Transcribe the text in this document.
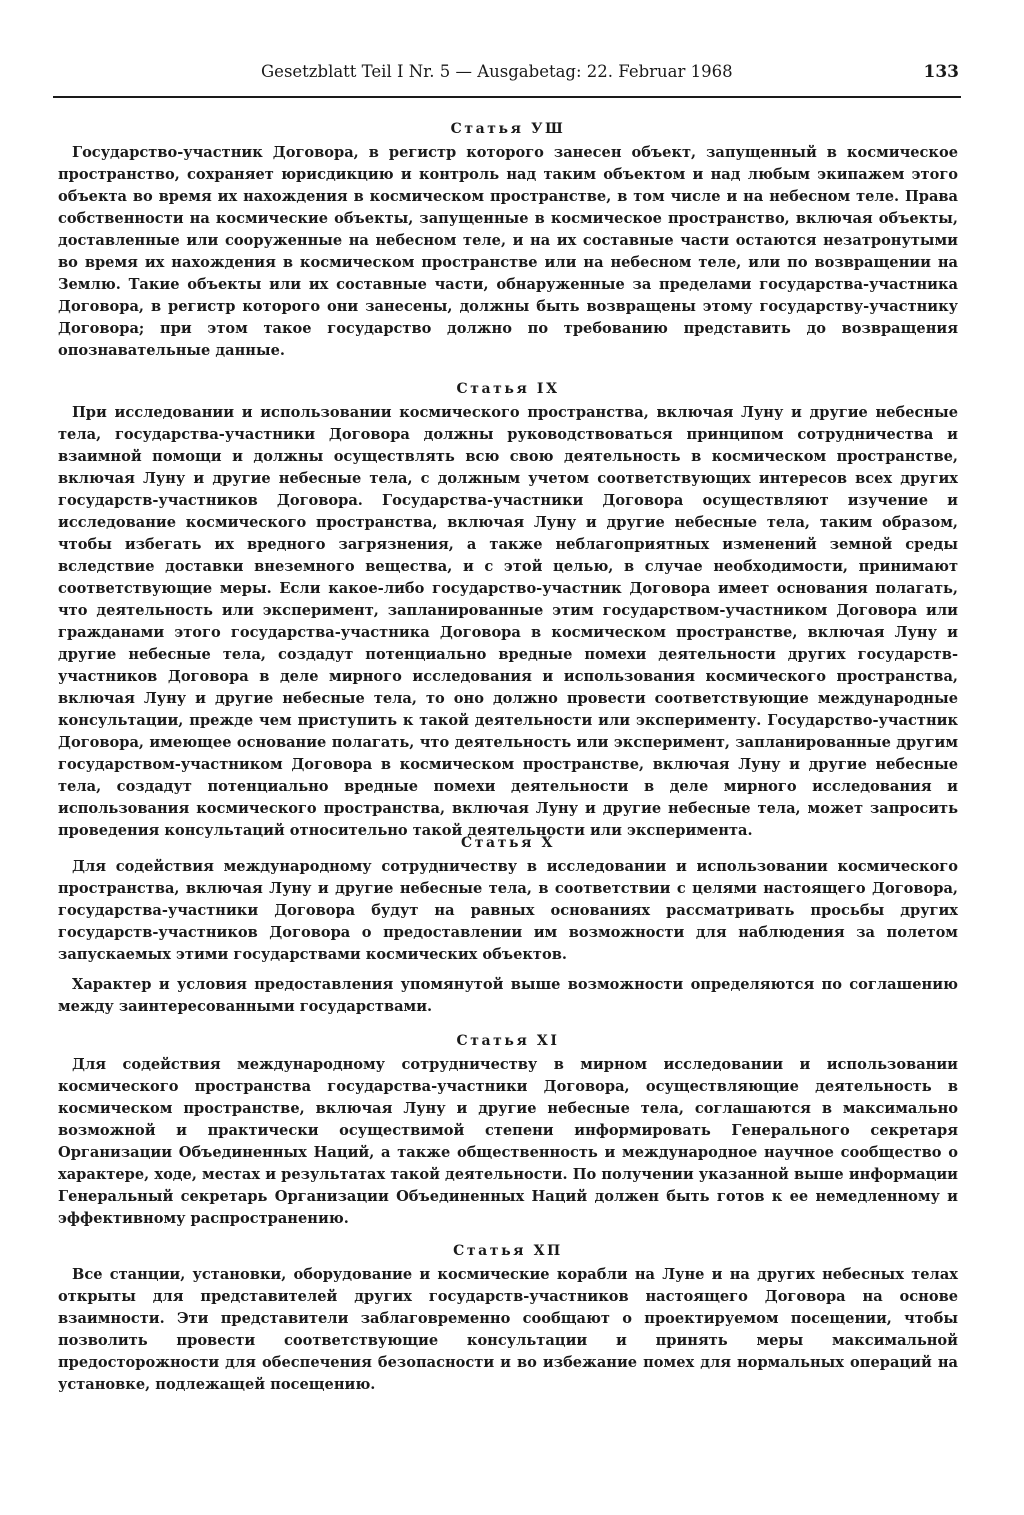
Gesetzblatt Teil I Nr. 5 — Ausgabetag: 22. Februar 1968	133
Статья УШ

Государство-участник Договора, в регистр которого занесен объект, запущенный в космическое пространство, сохраняет юрисдикцию и контроль над таким объектом и над любым экипажем этого объекта во время их нахождения в космическом пространстве, в том числе и на небесном теле. Права собственности на космические объекты, запущенные в космическое пространство, включая объекты, доставленные или сооруженные на небесном теле, и на их составные части остаются незатронутыми во время их нахождения в космическом пространстве или на небесном теле, или по возвращении на Землю. Такие объекты или их составные части, обнаруженные за пределами государства-участника Договора, в регистр которого они занесены, должны быть возвращены этому государству-участнику Договора; при этом такое государство должно по требованию представить до возвращения опознавательные данные.

Статья IX

При исследовании и использовании космического пространства, включая Луну и другие небесные тела, государства-участники Договора должны руководствоваться принципом сотрудничества и взаимной помощи и должны осуществлять всю свою деятельность в космическом пространстве, включая Луну и другие небесные тела, с должным учетом соответствующих интересов всех других государств-участников Договора. Государства-участники Договора осуществляют изучение и исследование космического пространства, включая Луну и другие небесные тела, таким образом, чтобы избегать их вредного загрязнения, а также неблагоприятных изменений земной среды вследствие доставки внеземного вещества, и с этой целью, в случае необходимости, принимают соответствующие меры. Если какое-либо государство-участник Договора имеет основания полагать, что деятельность или эксперимент, запланированные этим государством-участником Договора или гражданами этого государства-участника Договора в космическом пространстве, включая Луну и другие небесные тела, создадут потенциально вредные помехи деятельности других государств-участников Договора в деле мирного исследования и использования космического пространства, включая Луну и другие небесные тела, то оно должно провести соответствующие международные консультации, прежде чем приступить к такой деятельности или эксперименту. Государство-участник Договора, имеющее основание полагать, что деятельность или эксперимент, запланированные другим государством-участником Договора в космическом пространстве, включая Луну и другие небесные тела, создадут потенциально вредные помехи деятельности в деле мирного исследования и использования космического пространства, включая Луну и другие небесные тела, может запросить проведения консультаций относительно такой деятельности или эксперимента.

Статья X

Для содействия международному сотрудничеству в исследовании и использовании космического пространства, включая Луну и другие небесные тела, в соответствии с целями настоящего Договора, государства-участники Договора будут на равных основаниях рассматривать просьбы других государств-участников Договора о предоставлении им возможности для наблюдения за полетом запускаемых этими государствами космических объектов.

Характер и условия предоставления упомянутой выше возможности определяются по соглашению между заинтересованными государствами.

Статья XI

Для содействия международному сотрудничеству в мирном исследовании и использовании космического пространства государства-участники Договора, осуществляющие деятельность в космическом пространстве, включая Луну и другие небесные тела, соглашаются в максимально возможной и практически осуществимой степени информировать Генерального секретаря Организации Объединенных Наций, а также общественность и международное научное сообщество о характере, ходе, местах и результатах такой деятельности. По получении указанной выше информации Генеральный секретарь Организации Объединенных Наций должен быть готов к ее немедленному и эффективному распространению.

Статья XП

Все станции, установки, оборудование и космические корабли на Луне и на других небесных телах открыты для представителей других государств-участников настоящего Договора на основе взаимности. Эти представители заблаговременно сообщают о проектируемом посещении, чтобы позволить провести соответствующие консультации и принять меры максимальной предосторожности для обеспечения безопасности и во избежание помех для нормальных операций на установке, подлежащей посещению.
